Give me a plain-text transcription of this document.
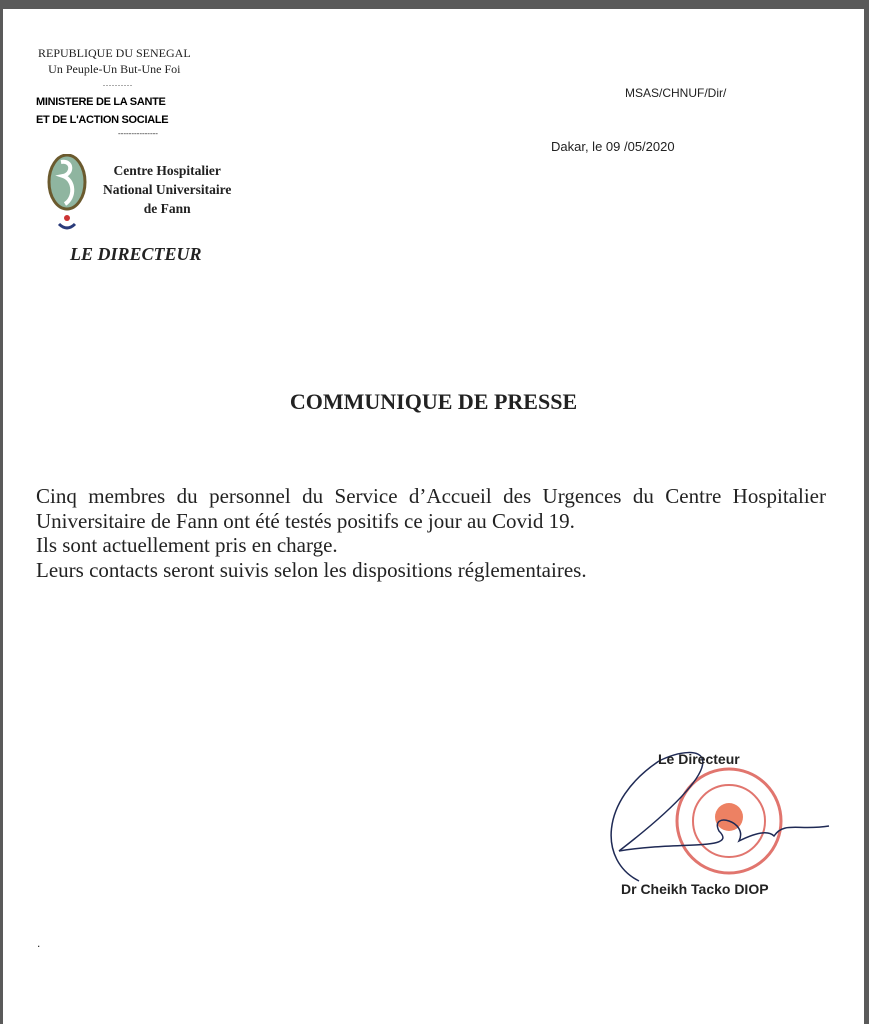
REPUBLIQUE DU SENEGAL
Un Peuple-Un But-Une Foi
..........
MINISTERE DE LA SANTE
ET DE L'ACTION SOCIALE
---------------
Centre Hospitalier
National Universitaire
de Fann
LE DIRECTEUR
MSAS/CHNUF/Dir/
Dakar, le 09 /05/2020
COMMUNIQUE DE PRESSE

Cinq membres du personnel du Service d’Accueil des Urgences du Centre Hospitalier Universitaire de Fann ont été testés positifs ce jour au Covid 19.

Ils sont actuellement pris en charge.

Leurs contacts seront suivis selon les dispositions réglementaires.

Le Directeur
Dr Cheikh Tacko DIOP
.
